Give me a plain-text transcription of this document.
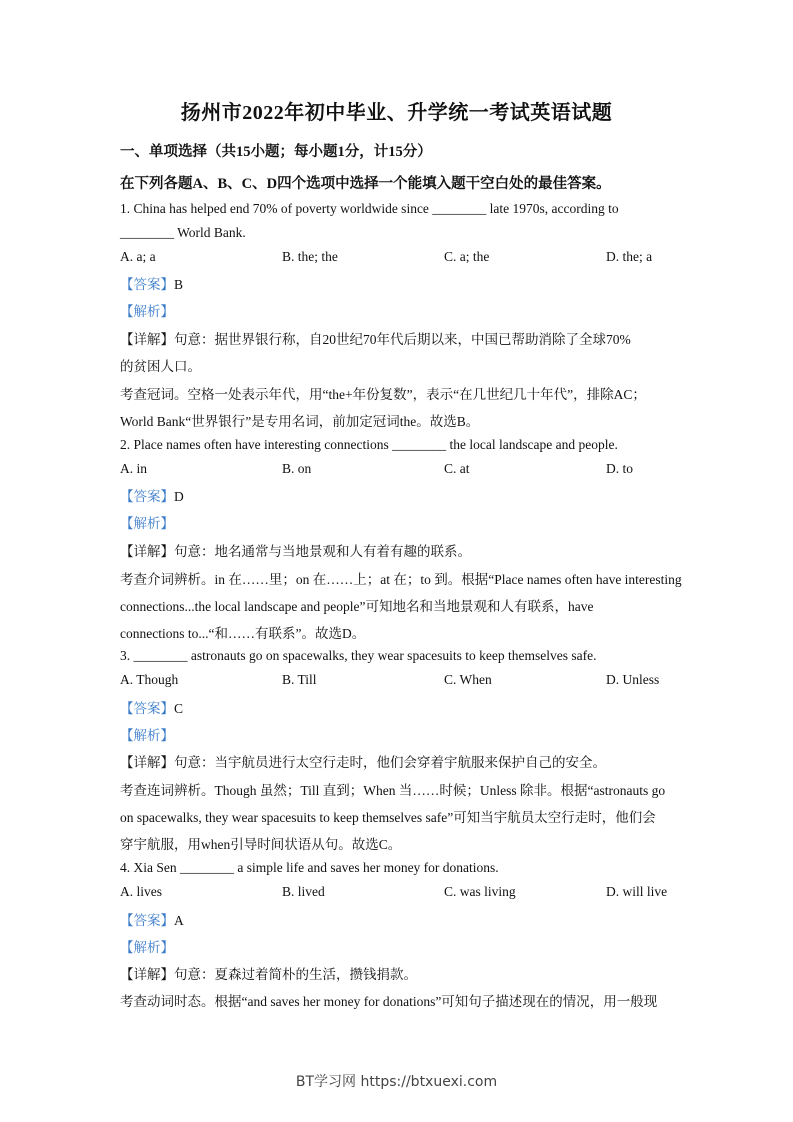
扬州市2022年初中毕业、升学统一考试英语试题
一、单项选择（共15小题；每小题1分，计15分）
在下列各题A、B、C、D四个选项中选择一个能填入题干空白处的最佳答案。
1. China has helped end 70% of poverty worldwide since ________ late 1970s, according to
________ World Bank.
A. a; a	B. the; the	C. a; the	D. the; a
【答案】B
【解析】
【详解】句意：据世界银行称，自20世纪70年代后期以来，中国已帮助消除了全球70%
的贫困人口。
考查冠词。空格一处表示年代，用“the+年份复数”，表示“在几世纪几十年代”，排除AC；
World Bank“世界银行”是专用名词，前加定冠词the。故选B。
2. Place names often have interesting connections ________ the local landscape and people.
A. in	B. on	C. at	D. to
【答案】D
【解析】
【详解】句意：地名通常与当地景观和人有着有趣的联系。
考查介词辨析。in 在……里；on 在……上；at 在；to 到。根据“Place names often have interesting
connections...the local landscape and people”可知地名和当地景观和人有联系，have
connections to...“和……有联系”。故选D。
3. ________ astronauts go on spacewalks, they wear spacesuits to keep themselves safe.
A. Though	B. Till	C. When	D. Unless
【答案】C
【解析】
【详解】句意：当宇航员进行太空行走时，他们会穿着宇航服来保护自己的安全。
考查连词辨析。Though 虽然；Till 直到；When 当……时候；Unless 除非。根据“astronauts go
on spacewalks, they wear spacesuits to keep themselves safe”可知当宇航员太空行走时，他们会
穿宇航服，用when引导时间状语从句。故选C。
4. Xia Sen ________ a simple life and saves her money for donations.
A. lives	B. lived	C. was living	D. will live
【答案】A
【解析】
【详解】句意：夏森过着简朴的生活，攒钱捐款。
考查动词时态。根据“and saves her money for donations”可知句子描述现在的情况，用一般现
BT学习网 https://btxuexi.com
